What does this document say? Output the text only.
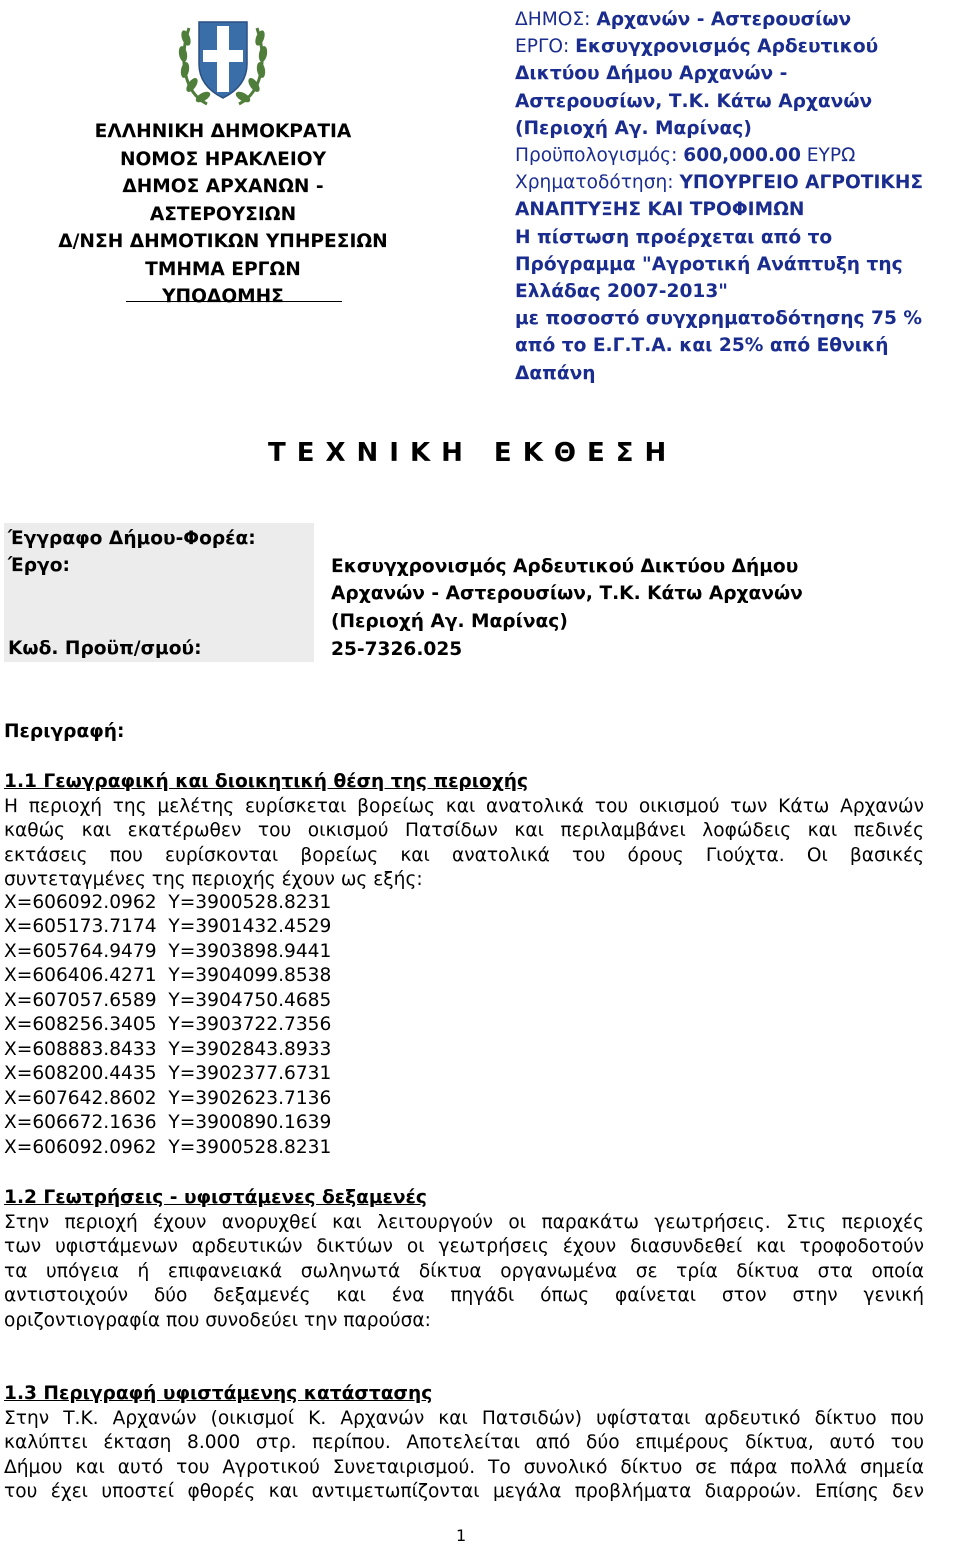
ΕΛΛΗΝΙΚΗ ΔΗΜΟΚΡΑΤΙΑ
ΝΟΜΟΣ ΗΡΑΚΛΕΙΟΥ
ΔΗΜΟΣ ΑΡΧΑΝΩΝ - ΑΣΤΕΡΟΥΣΙΩΝ
Δ/ΝΣΗ ΔΗΜΟΤΙΚΩΝ ΥΠΗΡΕΣΙΩΝ
ΤΜΗΜΑ ΕΡΓΩΝ
ΥΠΟΔΟΜΗΣ
ΔΗΜΟΣ: Αρχανών - Αστερουσίων
ΕΡΓΟ: Εκσυγχρονισμός Αρδευτικού
Δικτύου Δήμου Αρχανών -
Αστερουσίων, Τ.Κ. Κάτω Αρχανών
(Περιοχή Αγ. Μαρίνας)
Προϋπολογισμός: 600,000.00 ΕΥΡΩ
Χρηματοδότηση: ΥΠΟΥΡΓΕΙΟ ΑΓΡΟΤΙΚΗΣ
ΑΝΑΠΤΥΞΗΣ ΚΑΙ ΤΡΟΦΙΜΩΝ
Η πίστωση προέρχεται από το
Πρόγραμμα "Αγροτική Ανάπτυξη της
Ελλάδας 2007-2013"
με ποσοστό συγχρηματοδότησης 75 %
από το Ε.Γ.Τ.Α. και 25% από Εθνική
Δαπάνη
ΤΕΧΝΙΚΗ ΕΚΘΕΣΗ
Έγγραφο Δήμου-Φορέα:
Έργο:
Κωδ. Προϋπ/σμού:
Εκσυγχρονισμός Αρδευτικού Δικτύου Δήμου
Αρχανών - Αστερουσίων, Τ.Κ. Κάτω Αρχανών
(Περιοχή Αγ. Μαρίνας)
25-7326.025
Περιγραφή:
1.1 Γεωγραφική και διοικητική θέση της περιοχής
Η περιοχή της μελέτης ευρίσκεται βορείως και ανατολικά του οικισμού των Κάτω Αρχανών
καθώς και εκατέρωθεν του οικισμού Πατσίδων και περιλαμβάνει λοφώδεις και πεδινές
εκτάσεις που ευρίσκονται βορείως και ανατολικά του όρους Γιούχτα. Οι βασικές
συντεταγμένες της περιοχής έχουν ως εξής:
X=606092.0962  Y=3900528.8231
X=605173.7174  Y=3901432.4529
X=605764.9479  Y=3903898.9441
X=606406.4271  Y=3904099.8538
X=607057.6589  Y=3904750.4685
X=608256.3405  Y=3903722.7356
X=608883.8433  Y=3902843.8933
X=608200.4435  Y=3902377.6731
X=607642.8602  Y=3902623.7136
X=606672.1636  Y=3900890.1639
X=606092.0962  Y=3900528.8231
1.2 Γεωτρήσεις - υφιστάμενες δεξαμενές
Στην περιοχή έχουν ανορυχθεί και λειτουργούν οι παρακάτω γεωτρήσεις. Στις περιοχές
των υφιστάμενων αρδευτικών δικτύων οι γεωτρήσεις έχουν διασυνδεθεί και τροφοδοτούν
τα υπόγεια ή επιφανειακά σωληνωτά δίκτυα οργανωμένα σε τρία δίκτυα στα οποία
αντιστοιχούν δύο δεξαμενές και ένα πηγάδι όπως φαίνεται στον στην γενική
οριζοντιογραφία που συνοδεύει την παρούσα:
1.3 Περιγραφή υφιστάμενης κατάστασης
Στην Τ.Κ. Αρχανών (οικισμοί Κ. Αρχανών και Πατσιδών) υφίσταται αρδευτικό δίκτυο που
καλύπτει έκταση 8.000 στρ. περίπου. Αποτελείται από δύο επιμέρους δίκτυα, αυτό του
Δήμου και αυτό του Αγροτικού Συνεταιρισμού. Το συνολικό δίκτυο σε πάρα πολλά σημεία
του έχει υποστεί φθορές και αντιμετωπίζονται μεγάλα προβλήματα διαρροών. Επίσης δεν
1
